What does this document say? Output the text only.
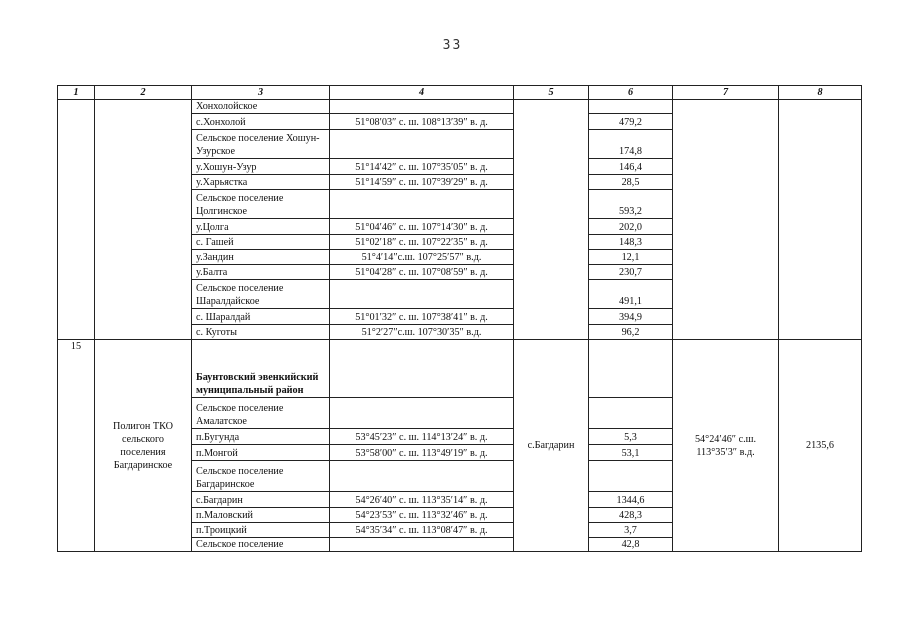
33
1	2	3	4	5	6	7	8
		Хонхолойское					
		с.Хонхолой	51°08′03″ с. ш. 108°13′39″ в. д.		479,2		
		Сельское поселение Хошун-Узурское			174,8		
		у.Хошун-Узур	51°14′42″ с. ш. 107°35′05″ в. д.		146,4		
		у.Харьястка	51°14′59″ с. ш. 107°39′29″ в. д.		28,5		
		Сельское поселение Цолгинское			593,2		
		у.Цолга	51°04′46″ с. ш. 107°14′30″ в. д.		202,0		
		с. Гашей	51°02′18″ с. ш. 107°22′35″ в. д.		148,3		
		у.Зандин	51°4′14″с.ш. 107°25′57″ в.д.		12,1		
		у.Балта	51°04′28″ с. ш. 107°08′59″ в. д.		230,7		
		Сельское поселение Шаралдайское			491,1		
		с. Шаралдай	51°01′32″ с. ш. 107°38′41″ в. д.		394,9		
		с. Куготы	51°2′27″с.ш. 107°30′35″ в.д.		96,2		
15	Полигон ТКО сельского поселения Багдаринское	Баунтовский эвенкийский муниципальный район		с.Багдарин		54°24′46″ с.ш. 113°35′3″ в.д.	2135,6
		Сельское поселение Амалатское					
		п.Бугунда	53°45′23″ с. ш. 114°13′24″ в. д.		5,3		
		п.Монгой	53°58′00″ с. ш. 113°49′19″ в. д.		53,1		
		Сельское поселение Багдаринское					
		с.Багдарин	54°26′40″ с. ш. 113°35′14″ в. д.		1344,6		
		п.Маловский	54°23′53″ с. ш. 113°32′46″ в. д.		428,3		
		п.Троицкий	54°35′34″ с. ш. 113°08′47″ в. д.		3,7		
		Сельское поселение			42,8		
